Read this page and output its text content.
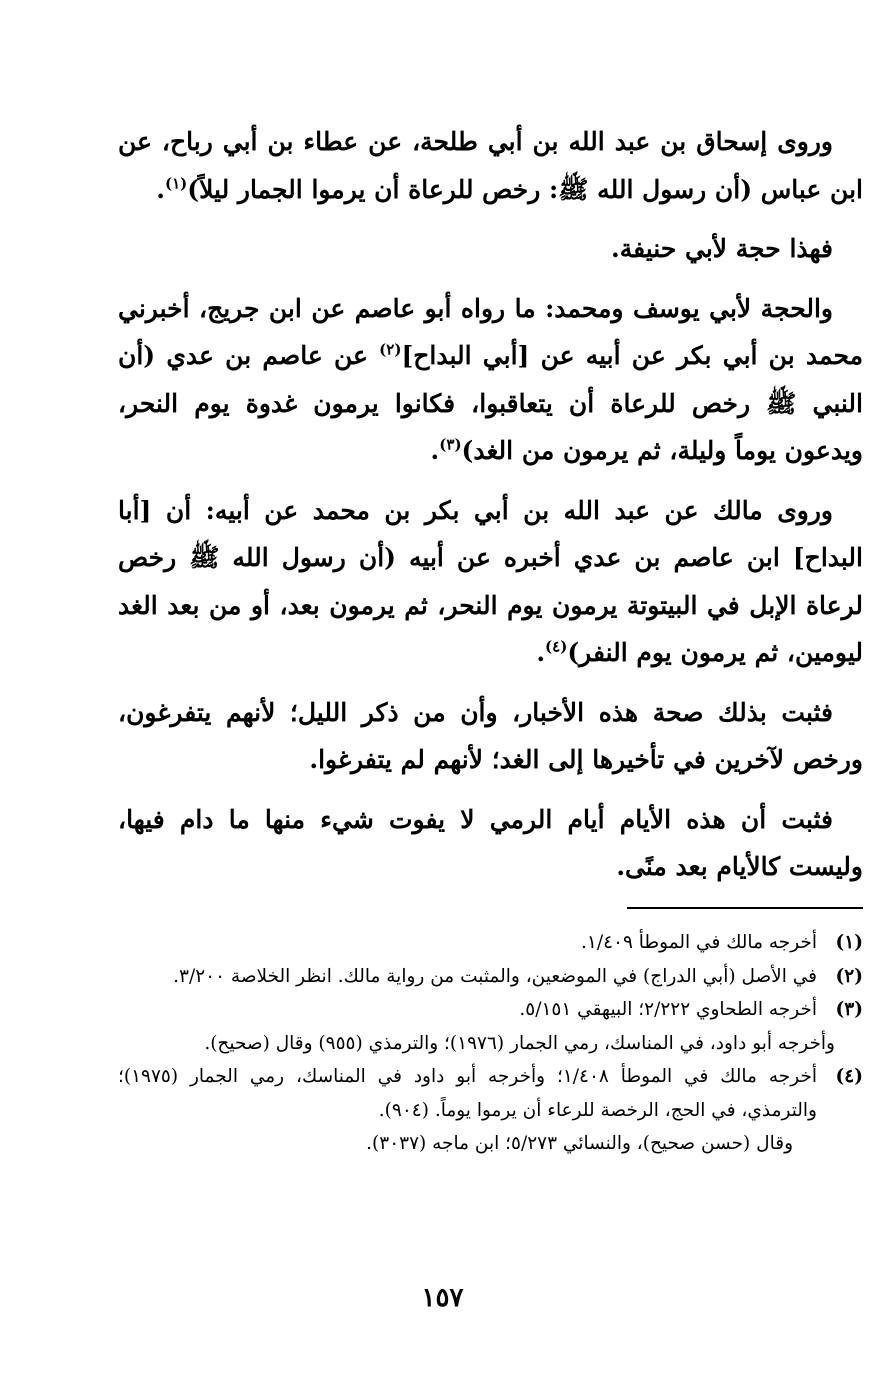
وروى إسحاق بن عبد الله بن أبي طلحة، عن عطاء بن أبي رباح، عن ابن عباس (أن رسول الله ﷺ: رخص للرعاة أن يرموا الجمار ليلاً)$^{(١)}$.

فهذا حجة لأبي حنيفة.

والحجة لأبي يوسف ومحمد: ما رواه أبو عاصم عن ابن جريج، أخبرني محمد بن أبي بكر عن أبيه عن [أبي البداح]$^{(٢)}$ عن عاصم بن عدي (أن النبي ﷺ رخص للرعاة أن يتعاقبوا، فكانوا يرمون غدوة يوم النحر، ويدعون يوماً وليلة، ثم يرمون من الغد)$^{(٣)}$.

وروى مالك عن عبد الله بن أبي بكر بن محمد عن أبيه: أن [أبا البداح] ابن عاصم بن عدي أخبره عن أبيه (أن رسول الله ﷺ رخص لرعاة الإبل في البيتوتة يرمون يوم النحر، ثم يرمون بعد، أو من بعد الغد ليومين، ثم يرمون يوم النفر)$^{(٤)}$.

فثبت بذلك صحة هذه الأخبار، وأن من ذكر الليل؛ لأنهم يتفرغون، ورخص لآخرين في تأخيرها إلى الغد؛ لأنهم لم يتفرغوا.

فثبت أن هذه الأيام أيام الرمي لا يفوت شيء منها ما دام فيها، وليست كالأيام بعد منًى.

(١)
أخرجه مالك في الموطأ ١/٤٠٩.
(٢)
في الأصل (أبي الدراج) في الموضعين، والمثبت من رواية مالك. انظر الخلاصة ٣/٢٠٠.
(٣)
أخرجه الطحاوي ٢/٢٢٢؛ البيهقي ٥/١٥١.
وأخرجه أبو داود، في المناسك، رمي الجمار (١٩٧٦)؛ والترمذي (٩٥٥) وقال (صحيح).
(٤)
أخرجه مالك في الموطأ ١/٤٠٨؛ وأخرجه أبو داود في المناسك، رمي الجمار (١٩٧٥)؛ والترمذي، في الحج، الرخصة للرعاء أن يرموا يوماً. (٩٠٤).
وقال (حسن صحيح)، والنسائي ٥/٢٧٣؛ ابن ماجه (٣٠٣٧).
١٥٧
